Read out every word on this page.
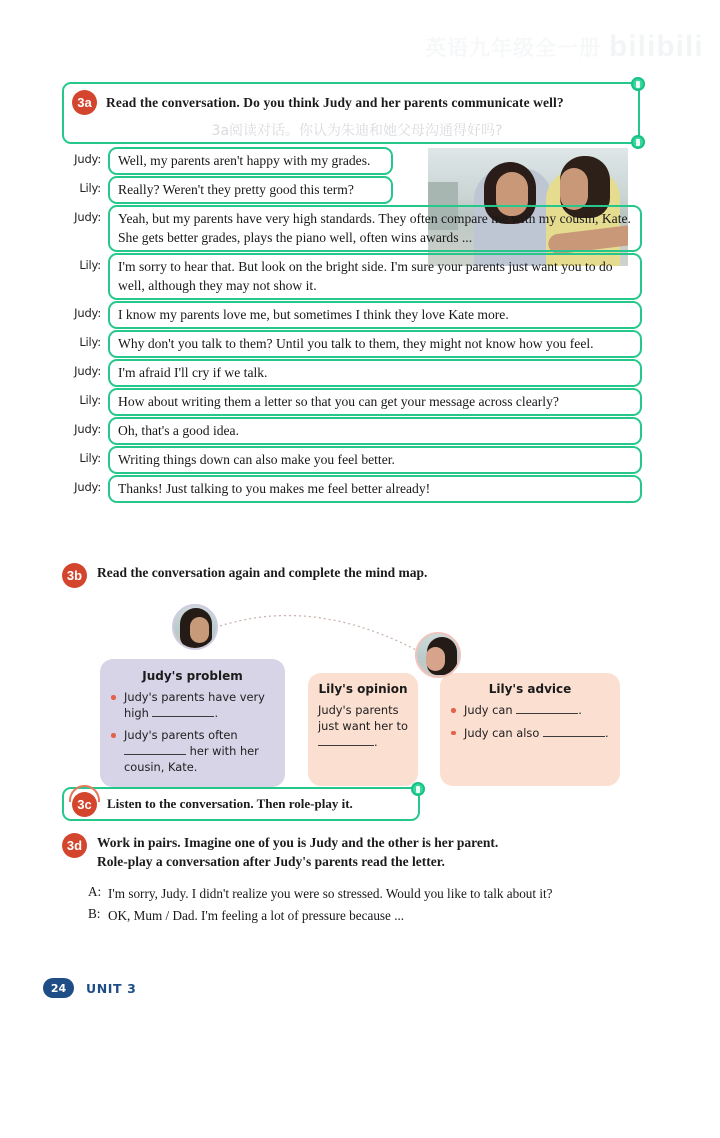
英语九年级全一册 bilibili
3a	Read the conversation. Do you think Judy and her parents communicate well?
3a阅读对话。你认为朱迪和她父母沟通得好吗?
Judy:	Well, my parents aren't happy with my grades.
Lily:	Really? Weren't they pretty good this term?
Judy:	Yeah, but my parents have very high standards. They often compare me with my cousin, Kate. She gets better grades, plays the piano well, often wins awards ...
Lily:	I'm sorry to hear that. But look on the bright side. I'm sure your parents just want you to do well, although they may not show it.
Judy:	I know my parents love me, but sometimes I think they love Kate more.
Lily:	Why don't you talk to them? Until you talk to them, they might not know how you feel.
Judy:	I'm afraid I'll cry if we talk.
Lily:	How about writing them a letter so that you can get your message across clearly?
Judy:	Oh, that's a good idea.
Lily:	Writing things down can also make you feel better.
Judy:	Thanks! Just talking to you makes me feel better already!
3b	Read the conversation again and complete the mind map.
Judy's problem
Judy's parents have very high	.
Judy's parents often  her with her cousin, Kate.
Lily's opinion
Judy's parents just want her to .
Lily's advice
Judy can	.
Judy can also	.
3c	Listen to the conversation. Then role-play it.
3d	Work in pairs. Imagine one of you is Judy and the other is her parent.
Role-play a conversation after Judy's parents read the letter.
A: I'm sorry, Judy. I didn't realize you were so stressed. Would you like to talk about it?
B: OK, Mum / Dad. I'm feeling a lot of pressure because ...
24	UNIT 3
